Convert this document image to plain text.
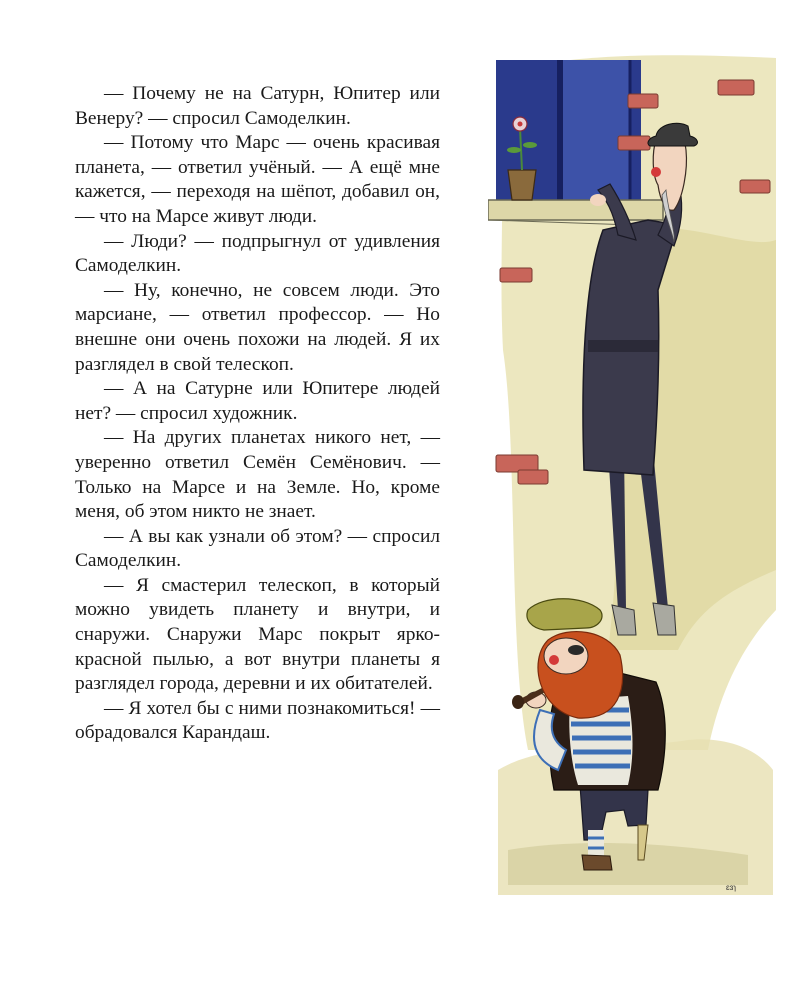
— Почему не на Сатурн, Юпитер или Венеру? — спросил Самоделкин.

— Потому что Марс — очень красивая планета, — ответил учёный. — А ещё мне кажется, — переходя на шёпот, добавил он, — что на Марсе живут люди.

— Люди? — подпрыгнул от удивления Самоделкин.

— Ну, конечно, не совсем люди. Это марсиане, — ответил профессор. — Но внешне они очень похожи на людей. Я их разглядел в свой телескоп.

— А на Сатурне или Юпитере людей нет? — спросил художник.

— На других планетах никого нет, — уверенно ответил Семён Семёнович. — Только на Марсе и на Земле. Но, кроме меня, об этом никто не знает.

— А вы как узнали об этом? — спросил Самоделкин.

— Я смастерил телескоп, в который можно увидеть планету и внутри, и снаружи. Снаружи Марс покрыт ярко-красной пылью, а вот внутри планеты я разглядел города, деревни и их обитателей.

— Я хотел бы с ними познакомиться! — обрадовался Карандаш.

ɛɜɿ
